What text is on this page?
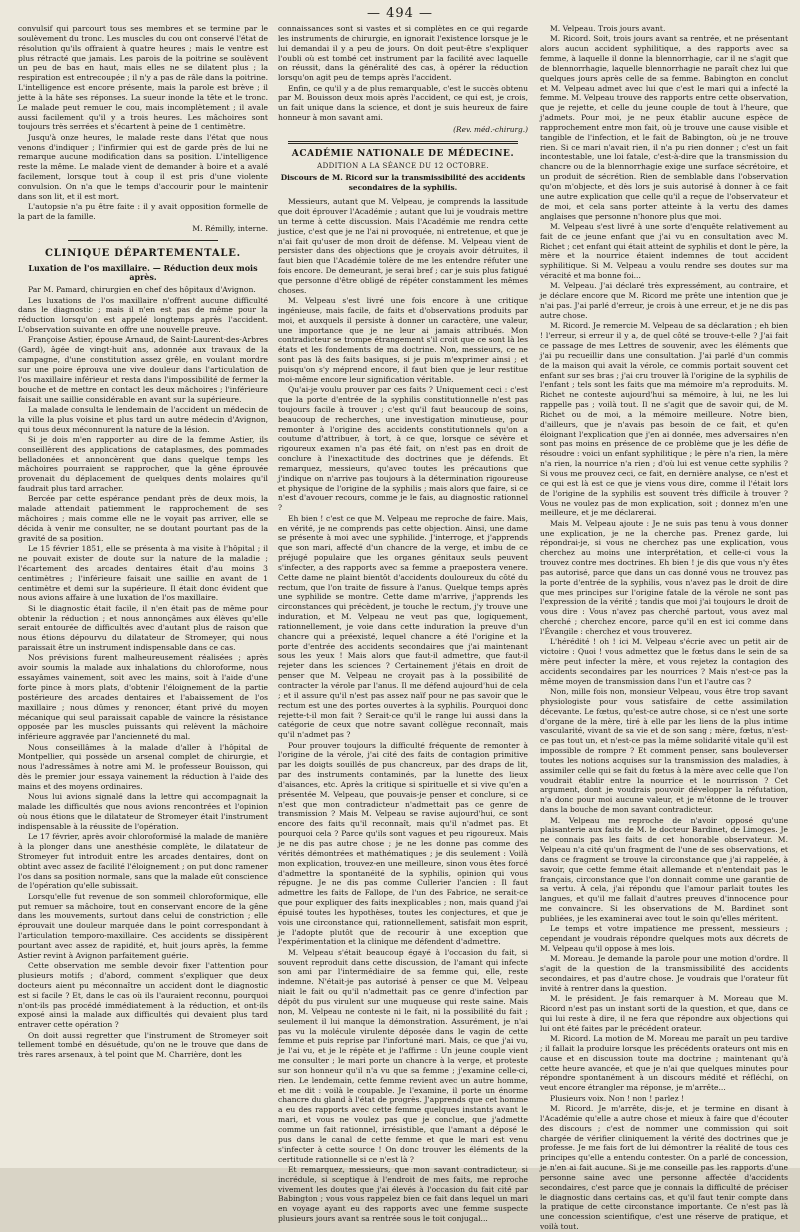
— 494 —

convulsif qui parcourt tous ses membres et se termine par le soulèvement du tronc. Les muscles du cou ont conservé l'état de résolution qu'ils offraient à quatre heures ; mais le ventre est plus rétracté que jamais. Les parois de la poitrine se soulèvent un peu de bas en haut, mais elles ne se dilatent plus ; la respiration est entrecoupée ; il n'y a pas de râle dans la poitrine. L'intelligence est encore présente, mais la parole est brève ; il jette à la hâte ses réponses. La sueur inonde la tête et le tronc. Le malade peut remuer le cou, mais incomplètement ; il avale aussi facilement qu'il y a trois heures. Les mâchoires sont toujours très serrées et s'écartent à peine de 1 centimètre.

Jusqu'à onze heures, le malade reste dans l'état que nous venons d'indiquer ; l'infirmier qui est de garde près de lui ne remarque aucune modification dans sa position. L'intelligence reste la même. Le malade vient de demander à boire et a avalé facilement, lorsque tout à coup il est pris d'une violente convulsion. On n'a que le temps d'accourir pour le maintenir dans son lit, et il est mort.

L'autopsie n'a pu être faite : il y avait opposition formelle de la part de la famille.

M. Rémilly, interne.
CLINIQUE DÉPARTEMENTALE.
Luxation de l'os maxillaire. — Réduction deux mois après.

Par M. Pamard, chirurgien en chef des hôpitaux d'Avignon.

Les luxations de l'os maxillaire n'offrent aucune difficulté dans le diagnostic ; mais il n'en est pas de même pour la réduction lorsqu'on est appelé longtemps après l'accident. L'observation suivante en offre une nouvelle preuve.

Françoise Astier, épouse Arnaud, de Saint-Laurent-des-Arbres (Gard), âgée de vingt-huit ans, adonnée aux travaux de la campagne, d'une constitution assez grêle, en voulant mordre sur une poire éprouva une vive douleur dans l'articulation de l'os maxillaire inférieur et resta dans l'impossibilité de fermer la bouche et de mettre en contact les deux mâchoires ; l'inférieure faisait une saillie considérable en avant sur la supérieure.

La malade consulta le lendemain de l'accident un médecin de la ville la plus voisine et plus tard un autre médecin d'Avignon, qui tous deux méconnurent la nature de la lésion.

Si je dois m'en rapporter au dire de la femme Astier, ils conseillèrent des applications de cataplasmes, des pommades belladonées et annoncèrent que dans quelque temps les mâchoires pourraient se rapprocher, que la gêne éprouvée provenait du déplacement de quelques dents molaires qu'il faudrait plus tard arracher.

Bercée par cette espérance pendant près de deux mois, la malade attendait patiemment le rapprochement de ses mâchoires ; mais comme elle ne le voyait pas arriver, elle se décida à venir me consulter, ne se doutant pourtant pas de la gravité de sa position.

Le 15 février 1851, elle se présenta à ma visite à l'hôpital ; il ne pouvait exister de doute sur la nature de la maladie ; l'écartement des arcades dentaires était d'au moins 3 centimètres ; l'inférieure faisait une saillie en avant de 1 centimètre et demi sur la supérieure. Il était donc évident que nous avions affaire à une luxation de l'os maxillaire.

Si le diagnostic était facile, il n'en était pas de même pour obtenir la réduction ; et nous annonçâmes aux élèves qu'elle serait entourée de difficultés avec d'autant plus de raison que nous étions dépourvu du dilatateur de Stromeyer, qui nous paraissait être un instrument indispensable dans ce cas.

Nos prévisions furent malheureusement réalisées ; après avoir soumis la malade aux inhalations du chloroforme, nous essayâmes vainement, soit avec les mains, soit à l'aide d'une forte pince à mors plats, d'obtenir l'éloignement de la partie postérieure des arcades dentaires et l'abaissement de l'os maxillaire ; nous dûmes y renoncer, étant privé du moyen mécanique qui seul paraissait capable de vaincre la résistance opposée par les muscles puissants qui relèvent la mâchoire inférieure aggravée par l'ancienneté du mal.

Nous conseillâmes à la malade d'aller à l'hôpital de Montpellier, qui possède un arsenal complet de chirurgie, et nous l'adressâmes à notre ami M. le professeur Bouisson, qui dès le premier jour essaya vainement la réduction à l'aide des mains et des moyens ordinaires.

Nous lui avions signalé dans la lettre qui accompagnait la malade les difficultés que nous avions rencontrées et l'opinion où nous étions que le dilatateur de Stromeyer était l'instrument indispensable à la réussite de l'opération.

Le 17 février, après avoir chloroformisé la malade de manière à la plonger dans une anesthésie complète, le dilatateur de Stromeyer fut introduit entre les arcades dentaires, dont on obtint avec assez de facilité l'éloignement ; on put donc ramener l'os dans sa position normale, sans que la malade eût conscience de l'opération qu'elle subissait.

Lorsqu'elle fut revenue de son sommeil chloroformique, elle put remuer sa mâchoire, tout en conservant encore de la gêne dans les mouvements, surtout dans celui de constriction ; elle éprouvait une douleur marquée dans le point correspondant à l'articulation temporo-maxillaire. Ces accidents se dissipèrent pourtant avec assez de rapidité, et, huit jours après, la femme Astier revint à Avignon parfaitement guérie.

Cette observation me semble devoir fixer l'attention pour plusieurs motifs ; d'abord, comment s'expliquer que deux docteurs aient pu méconnaître un accident dont le diagnostic est si facile ? Et, dans le cas où ils l'auraient reconnu, pourquoi n'ont-ils pas procédé immédiatement à la réduction, et ont-ils exposé ainsi la malade aux difficultés qui devaient plus tard entraver cette opération ?

On doit aussi regretter que l'instrument de Stromeyer soit tellement tombé en désuétude, qu'on ne le trouve que dans de très rares arsenaux, à tel point que M. Charrière, dont les

connaissances sont si vastes et si complètes en ce qui regarde les instruments de chirurgie, en ignorait l'existence lorsque je le lui demandai il y a peu de jours. On doit peut-être s'expliquer l'oubli où est tombé cet instrument par la facilité avec laquelle on réussit, dans la généralité des cas, à opérer la réduction lorsqu'on agit peu de temps après l'accident.

Enfin, ce qu'il y a de plus remarquable, c'est le succès obtenu par M. Bouisson deux mois après l'accident, ce qui est, je crois, un fait unique dans la science, et dont je suis heureux de faire honneur à mon savant ami.

(Rev. méd.-chirurg.)
ACADÉMIE NATIONALE DE MÉDECINE.
ADDITION A LA SÉANCE DU 12 OCTOBRE.
Discours de M. Ricord sur la transmissibilité des accidents secondaires de la syphilis.

Messieurs, autant que M. Velpeau, je comprends la lassitude que doit éprouver l'Académie ; autant que lui je voudrais mettre un terme à cette discussion. Mais l'Académie me rendra cette justice, c'est que je ne l'ai ni provoquée, ni entretenue, et que je n'ai fait qu'user de mon droit de défense. M. Velpeau vient de persister dans des objections que je croyais avoir détruites, il faut bien que l'Académie tolère de me les entendre réfuter une fois encore. De demeurant, je serai bref ; car je suis plus fatigué que personne d'être obligé de répéter constamment les mêmes choses.

M. Velpeau s'est livré une fois encore à une critique ingénieuse, mais facile, de faits et d'observations produits par moi, et auxquels il persiste à donner un caractère, une valeur, une importance que je ne leur ai jamais attribués. Mon contradicteur se trompe étrangement s'il croit que ce sont là les états et les fondements de ma doctrine. Non, messieurs, ce ne sont pas là des faits basiques, si je puis m'exprimer ainsi ; et puisqu'on s'y méprend encore, il faut bien que je leur restitue moi-même encore leur signification véritable.

Qu'ai-je voulu prouver par ces faits ? Uniquement ceci : c'est que la porte d'entrée de la syphilis constitutionnelle n'est pas toujours facile à trouver ; c'est qu'il faut beaucoup de soins, beaucoup de recherches, une investigation minutieuse, pour remonter à l'origine des accidents constitutionnels qu'on a coutume d'attribuer, à tort, à ce que, lorsque ce sévère et rigoureux examen n'a pas été fait, on n'est pas en droit de conclure à l'inexactitude des doctrines que je défends. Et remarquez, messieurs, qu'avec toutes les précautions que j'indique on n'arrive pas toujours à la détermination rigoureuse et physique de l'origine de la syphilis ; mais alors que faire, si ce n'est d'avouer recours, comme je le fais, au diagnostic rationnel ?

Eh bien ! c'est ce que M. Velpeau me reproche de faire. Mais, en vérité, je ne comprends pas cette objection. Ainsi, une dame se présente à moi avec une syphilide. J'interroge, et j'apprends que son mari, affecté d'un chancre de la verge, et imbu de ce préjugé populaire que les organes génitaux seuls peuvent s'infecter, a des rapports avec sa femme a praepostera venere. Cette dame ne plaint bientôt d'accidents douloureux du côté du rectum, que l'on traite de fissure à l'anus. Quelque temps après une syphilide se montre. Cette dame m'arrive, j'apprends les circonstances qui précèdent, je touche le rectum, j'y trouve une induration, et M. Velpeau ne veut pas que, logiquement, rationnellement, je voie dans cette induration la preuve d'un chancre qui a préexisté, lequel chancre a été l'origine et la porte d'entrée des accidents secondaires que j'ai maintenant sous les yeux ! Mais alors que faut-il admettre, que faut-il rejeter dans les sciences ? Certainement j'étais en droit de penser que M. Velpeau ne croyait pas à la possibilité de contracter la vérole par l'anus. Il me défend aujourd'hui de cela ; et il assure qu'il n'est pas assez naïf pour ne pas savoir que le rectum est une des portes ouvertes à la syphilis. Pourquoi donc rejette-t-il mon fait ? Serait-ce qu'il le range lui aussi dans la catégorie de ceux que notre savant collègue reconnaît, mais qu'il n'admet pas ?

Pour prouver toujours la difficulté fréquente de remonter à l'origine de la vérole, j'ai cité des faits de contagion primitive par les doigts souillés de pus chancreux, par des draps de lit, par des instruments contaminés, par la lunette des lieux d'aisances, etc. Après la critique si spirituelle et si vive qu'en a présentée M. Velpeau, que pouvais-je penser et conclure, si ce n'est que mon contradicteur n'admettait pas ce genre de transmission ? Mais M. Velpeau se ravise aujourd'hui, ce sont encore des faits qu'il reconnaît, mais qu'il n'admet pas. Et pourquoi cela ? Parce qu'ils sont vagues et peu rigoureux. Mais je ne dis pas autre chose ; je ne les donne pas comme des vérités démontrées et mathématiques ; je dis seulement : Voilà mon explication, trouvez-en une meilleure, sinon vous êtes forcé d'admettre la spontanéité de la syphilis, opinion qui vous répugne. Je ne dis pas comme Cullerier l'ancien : Il faut admettre les faits de Fallope, de l'un des Fabrice, ne serait-ce que pour expliquer des faits inexplicables ; non, mais quand j'ai épuisé toutes les hypothèses, toutes les conjectures, et que je vois une circonstance qui, rationnellement, satisfait mon esprit, je l'adopte plutôt que de recourir à une exception que l'expérimentation et la clinique me défendent d'admettre.

M. Velpeau s'était beaucoup égayé à l'occasion du fait, si souvent reproduit dans cette discussion, de l'amant qui infecte son ami par l'intermédiaire de sa femme qui, elle, reste indemne. N'était-je pas autorisé à penser ce que M. Velpeau niait le fait ou qu'il n'admettait pas ce genre d'infection par dépôt du pus virulent sur une muqueuse qui reste saine. Mais non, M. Velpeau ne conteste ni le fait, ni la possibilité du fait ; seulement il lui manque la démonstration. Assurément, je n'ai pas vu la molécule virulente déposée dans le vagin de cette femme et puis reprise par l'infortuné mari. Mais, ce que j'ai vu, je l'ai vu, et je le répète et je l'affirme : Un jeune couple vient me consulter ; le mari porte un chancre à la verge, et proteste sur son honneur qu'il n'a vu que sa femme ; j'examine celle-ci, rien. Le lendemain, cette femme revient avec un autre homme, et me dit : voilà le coupable. Je l'examine, il porte un énorme chancre du gland à l'état de progrès. J'apprends que cet homme a eu des rapports avec cette femme quelques instants avant le mari, et vous ne voulez pas que je conclue, que j'admette comme un fait rationnel, irrésistible, que l'amant a déposé le pus dans le canal de cette femme et que le mari est venu s'infecter à cette source ! On donc trouver les éléments de la certitude rationnelle si ce n'est là ?

Et remarquez, messieurs, que mon savant contradicteur, si incrédule, si sceptique à l'endroit de mes faits, me reproche vivement les doutes que j'ai élevés à l'occasion du fait cité par Babington ; vous vous rappelez bien ce fait dans lequel un mari en voyage ayant eu des rapports avec une femme suspecte plusieurs jours avant sa rentrée sous le toit conjugal...

M. Velpeau. Trois jours avant.

M. Ricord. Soit, trois jours avant sa rentrée, et ne présentant alors aucun accident syphilitique, a des rapports avec sa femme, à laquelle il donne la blennorrhagie, car il ne s'agit que de blennorrhagie, laquelle blennorrhagie ne paraît chez lui que quelques jours après celle de sa femme. Babington en conclut et M. Velpeau admet avec lui que c'est le mari qui a infecté la femme. M. Velpeau trouve des rapports entre cette observation, que je rejette, et celle du jeune couple de tout à l'heure, que j'admets. Pour moi, je ne peux établir aucune espèce de rapprochement entre mon fait, où je trouve une cause visible et tangible de l'infection, et le fait de Babington, où je ne trouve rien. Si ce mari n'avait rien, il n'a pu rien donner ; c'est un fait incontestable, une loi fatale, c'est-à-dire que la transmission du chancre ou de la blennorrhagie exige une surface sécrétoire, et un produit de sécrétion. Rien de semblable dans l'observation qu'on m'objecte, et dès lors je suis autorisé à donner à ce fait une autre explication que celle qu'il a reçue de l'observateur et de moi, et cela sans porter atteinte à la vertu des dames anglaises que personne n'honore plus que moi.

M. Velpeau s'est livré à une sorte d'enquête relativement au fait de ce jeune enfant que j'ai vu en consultation avec M. Richet ; cet enfant qui était atteint de syphilis et dont le père, la mère et la nourrice étaient indemnes de tout accident syphilitique. Si M. Velpeau a voulu rendre ses doutes sur ma véracité et ma bonne foi...

M. Velpeau. J'ai déclaré très expressément, au contraire, et je déclare encore que M. Ricord me prête une intention que je n'ai pas. J'ai parlé d'erreur, je crois à une erreur, et je ne dis pas autre chose.

M. Ricord. Je remercie M. Velpeau de sa déclaration ; eh bien ! l'erreur, si erreur il y a, de quel côté se trouve-t-elle ? J'ai fait ce passage de mes Lettres de souvenir, avec les éléments que j'ai pu recueillir dans une consultation. J'ai parlé d'un commis de la maison qui avait la vérole, ce commis portait souvent cet enfant sur ses bras ; j'ai cru trouver là l'origine de la syphilis de l'enfant ; tels sont les faits que ma mémoire m'a reproduits. M. Richet ne conteste aujourd'hui sa mémoire, à lui, ne les lui rappelle pas ; voilà tout. Il ne s'agit que de savoir qui, de M. Richet ou de moi, a la mémoire meilleure. Notre bien, d'ailleurs, que je n'avais pas besoin de ce fait, et qu'en éloignant l'explication que j'en ai donnée, mes adversaires n'en sont pas moins en présence de ce problème que je les défie de résoudre : voici un enfant syphilitique ; le père n'a rien, la mère n'a rien, la nourrice n'a rien ; d'où lui est venue cette syphilis ? Si vous me prouvez ceci, ce fait, en dernière analyse, ce n'est et ce qui est là est ce que je viens vous dire, comme il l'était lors de l'origine de la syphilis est souvent très difficile à trouver ? Vous ne voulez pas de mon explication, soit ; donnez m'en une meilleure, et je me déclarerai.

Mais M. Velpeau ajoute : Je ne suis pas tenu à vous donner une explication, je ne la cherche pas. Prenez garde, lui répondrai-je, si vous ne cherchez pas une explication, vous cherchez au moins une interprétation, et celle-ci vous la trouvez contre mes doctrines. Eh bien ! je dis que vous n'y êtes pas autorisé, parce que dans un cas donné vous ne trouvez pas la porte d'entrée de la syphilis, vous n'avez pas le droit de dire que mes principes sur l'origine fatale de la vérole ne sont pas l'expression de la vérité ; tandis que moi j'ai toujours le droit de vous dire : Vous n'avez pas cherché partout, vous avez mal cherché ; cherchez encore, parce qu'il en est ici comme dans l'Évangile : cherchez et vous trouverez.

L'hérédité ! oh ! ici M. Velpeau s'écrie avec un petit air de victoire : Quoi ! vous admettez que le fœtus dans le sein de sa mère peut infecter la mère, et vous rejetez la contagion des accidents secondaires par les nourrices ? Mais n'est-ce pas la même moyen de transmission dans l'un et l'autre cas ?

Non, mille fois non, monsieur Velpeau, vous être trop savant physiologiste pour vous satisfaire de cette assimilation décevante. Le fœtus, qu'est-ce autre chose, si ce n'est une sorte d'organe de la mère, tiré à elle par les liens de la plus intime vascularité, vivant de sa vie et de son sang ; mère, fœtus, n'est-ce pas tout un, et n'est-ce pas la même solidarité vitale qu'il est impossible de rompre ? Et comment penser, sans bouleverser toutes les notions acquises sur la transmission des maladies, à assimiler celle qui se fait du fœtus à la mère avec celle que l'on voudrait établir entre la nourrice et le nourrisson ? Cet argument, dont je voudrais pouvoir développer la réfutation, n'a donc pour moi aucune valeur, et je m'étonne de le trouver dans la bouche de mon savant contradicteur.

M. Velpeau me reproche de n'avoir opposé qu'une plaisanterie aux faits de M. le docteur Bardinet, de Limoges. Je ne connais pas les faits de cet honorable observateur. M. Velpeau n'a cité qu'un fragment de l'une de ses observations, et dans ce fragment se trouve la circonstance que j'ai rappelée, à savoir, que cette femme était allemande et n'entendait pas le français, circonstance que l'on donnait comme une garantie de sa vertu. À cela, j'ai répondu que l'amour parlait toutes les langues, et qu'il me fallait d'autres preuves d'innocence pour me convaincre. Si les observations de M. Bardinet sont publiées, je les examinerai avec tout le soin qu'elles méritent.

Le temps et votre impatience me pressent, messieurs ; cependant je voudrais répondre quelques mots aux décrets de M. Velpeau qu'il oppose à mes lois.

M. Moreau. Je demande la parole pour une motion d'ordre. Il s'agit de la question de la transmissibilité des accidents secondaires, et pas d'autre chose. Je voudrais que l'orateur fût invité à rentrer dans la question.

M. le président. Je fais remarquer à M. Moreau que M. Ricord n'est pas un instant sorti de la question, et que, dans ce qui lui reste à dire, il ne fera que répondre aux objections qui lui ont été faites par le précédent orateur.

M. Ricord. La motion de M. Moreau me paraît un peu tardive ; il fallait la produire lorsque les précédents orateurs ont mis en cause et en discussion toute ma doctrine ; maintenant qu'à cette heure avancée, et que je n'ai que quelques minutes pour répondre spontanément à un discours médité et réfléchi, on veut encore étrangler ma réponse, je m'arrête...

Plusieurs voix. Non ! non ! parlez !

M. Ricord. Je m'arrête, dis-je, et je termine en disant à l'Académie qu'elle a autre chose et mieux à faire que d'écouter des discours ; c'est de nommer une commission qui soit chargée de vérifier cliniquement la vérité des doctrines que je professe. Je me fais fort de lui démontrer la réalité de tous ces principes qu'elle a entendu contester. On a parlé de concession, je n'en ai fait aucune. Si je me conseille pas les rapports d'une personne saine avec une personne affectée d'accidents secondaires, c'est parce que je connais la difficulté de préciser le diagnostic dans certains cas, et qu'il faut tenir compte dans la pratique de cette circonstance importante. Ce n'est pas là une concession scientifique, c'est une réserve de pratique, et voilà tout.
